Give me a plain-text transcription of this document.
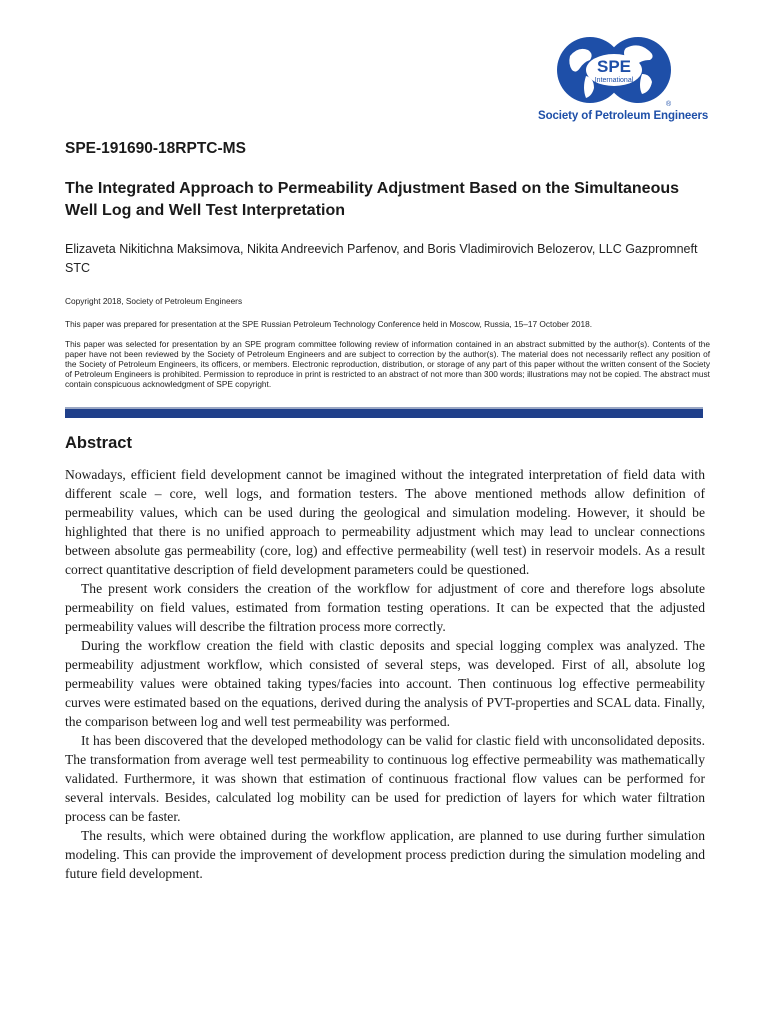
SPE
International
®
Society of Petroleum Engineers
SPE-191690-18RPTC-MS
The Integrated Approach to Permeability Adjustment Based on the Simultaneous Well Log and Well Test Interpretation
Elizaveta Nikitichna Maksimova, Nikita Andreevich Parfenov, and Boris Vladimirovich Belozerov, LLC Gazpromneft STC
Copyright 2018, Society of Petroleum Engineers
This paper was prepared for presentation at the SPE Russian Petroleum Technology Conference held in Moscow, Russia, 15–17 October 2018.
This paper was selected for presentation by an SPE program committee following review of information contained in an abstract submitted by the author(s). Contents of the paper have not been reviewed by the Society of Petroleum Engineers and are subject to correction by the author(s). The material does not necessarily reflect any position of the Society of Petroleum Engineers, its officers, or members. Electronic reproduction, distribution, or storage of any part of this paper without the written consent of the Society of Petroleum Engineers is prohibited. Permission to reproduce in print is restricted to an abstract of not more than 300 words; illustrations may not be copied. The abstract must contain conspicuous acknowledgment of SPE copyright.
Abstract

Nowadays, efficient field development cannot be imagined without the integrated interpretation of field data with different scale – core, well logs, and formation testers. The above mentioned methods allow definition of permeability values, which can be used during the geological and simulation modeling. However, it should be highlighted that there is no unified approach to permeability adjustment which may lead to unclear connections between absolute gas permeability (core, log) and effective permeability (well test) in reservoir models. As a result correct quantitative description of field development parameters could be questioned.

The present work considers the creation of the workflow for adjustment of core and therefore logs absolute permeability on field values, estimated from formation testing operations. It can be expected that the adjusted permeability values will describe the filtration process more correctly.

During the workflow creation the field with clastic deposits and special logging complex was analyzed. The permeability adjustment workflow, which consisted of several steps, was developed. First of all, absolute log permeability values were obtained taking types/facies into account. Then continuous log effective permeability curves were estimated based on the equations, derived during the analysis of PVT-properties and SCAL data. Finally, the comparison between log and well test permeability was performed.

It has been discovered that the developed methodology can be valid for clastic field with unconsolidated deposits. The transformation from average well test permeability to continuous log effective permeability was mathematically validated. Furthermore, it was shown that estimation of continuous fractional flow values can be performed for several intervals. Besides, calculated log mobility can be used for prediction of layers for which water filtration process can be faster.

The results, which were obtained during the workflow application, are planned to use during further simulation modeling. This can provide the improvement of development process prediction during the simulation modeling and future field development.
